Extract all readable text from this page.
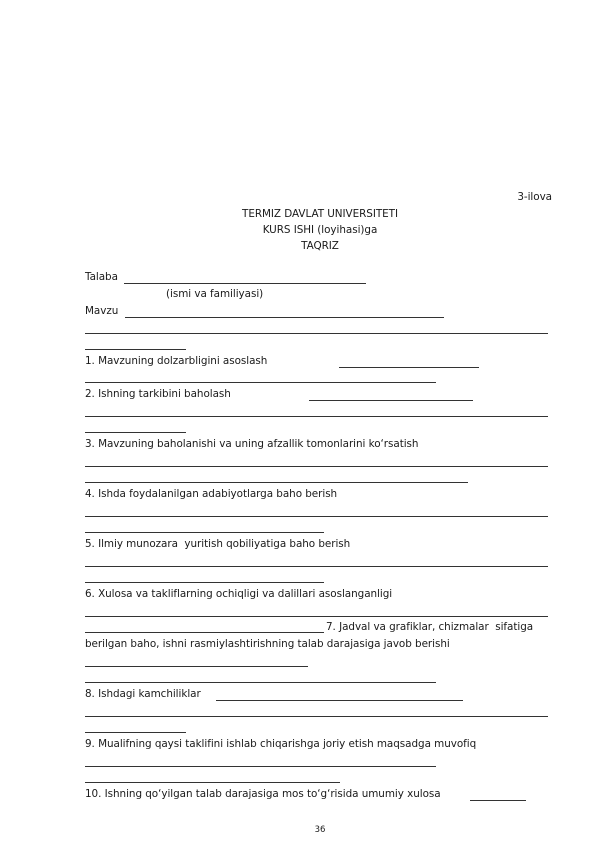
3-ilova
TERMIZ DAVLAT UNIVERSITETI
KURS ISHI (loyihasi)ga
TAQRIZ
Talaba
(ismi va familiyasi)
Mavzu
1. Mavzuning dolzarbligini asoslash
2. Ishning tarkibini baholash
3. Mavzuning baholanishi va uning afzallik tomonlarini ko‘rsatish
4. Ishda foydalanilgan adabiyotlarga baho berish
5. Ilmiy munozara  yuritish qobiliyatiga baho berish
6. Xulosa va takliflarning ochiqligi va dalillari asoslanganligi
7. Jadval va grafiklar, chizmalar  sifatiga
berilgan baho, ishni rasmiylashtirishning talab darajasiga javob berishi
8. Ishdagi kamchiliklar
9. Mualifning qaysi taklifini ishlab chiqarishga joriy etish maqsadga muvofiq
10. Ishning qo‘yilgan talab darajasiga mos to‘g‘risida umumiy xulosa
36
